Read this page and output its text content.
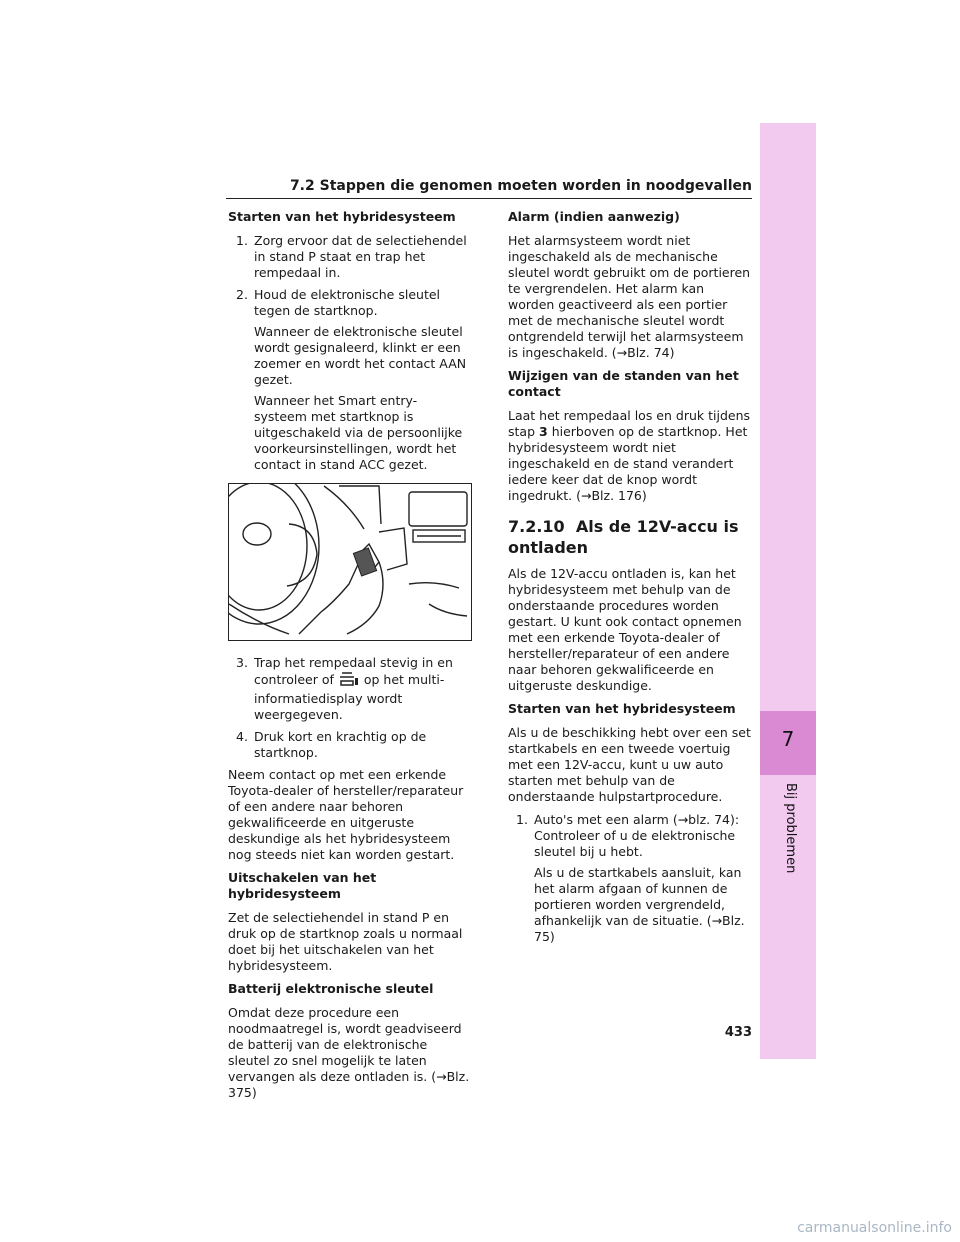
7.2 Stappen die genomen moeten worden in noodgevallen
7
Bij problemen
Starten van het hybridesysteem
1. Zorg ervoor dat de selectiehendel in stand P staat en trap het rempedaal in.

2. Houd de elektronische sleutel tegen de startknop.

Wanneer de elektronische sleutel wordt gesignaleerd, klinkt er een zoemer en wordt het contact AAN gezet.

Wanneer het Smart entry-systeem met startknop is uitgeschakeld via de persoonlijke voorkeursinstellingen, wordt het contact in stand ACC gezet.

3. Trap het rempedaal stevig in en controleer of op het multi-informatiedisplay wordt weergegeven.

4. Druk kort en krachtig op de startknop.

Neem contact op met een erkende Toyota-dealer of hersteller/reparateur of een andere naar behoren gekwalificeerde en uitgeruste deskundige als het hybridesysteem nog steeds niet kan worden gestart.

Uitschakelen van het hybridesysteem

Zet de selectiehendel in stand P en druk op de startknop zoals u normaal doet bij het uitschakelen van het hybridesysteem.

Batterij elektronische sleutel

Omdat deze procedure een noodmaatregel is, wordt geadviseerd de batterij van de elektronische sleutel zo snel mogelijk te laten vervangen als deze ontladen is. (→Blz. 375)

Alarm (indien aanwezig)

Het alarmsysteem wordt niet ingeschakeld als de mechanische sleutel wordt gebruikt om de portieren te vergrendelen. Het alarm kan worden geactiveerd als een portier met de mechanische sleutel wordt ontgrendeld terwijl het alarmsysteem is ingeschakeld. (→Blz. 74)

Wijzigen van de standen van het contact

Laat het rempedaal los en druk tijdens stap 3 hierboven op de startknop. Het hybridesysteem wordt niet ingeschakeld en de stand verandert iedere keer dat de knop wordt ingedrukt. (→Blz. 176)

7.2.10 Als de 12V-accu is ontladen

Als de 12V-accu ontladen is, kan het hybridesysteem met behulp van de onderstaande procedures worden gestart. U kunt ook contact opnemen met een erkende Toyota-dealer of hersteller/reparateur of een andere naar behoren gekwalificeerde en uitgeruste deskundige.

Starten van het hybridesysteem

Als u de beschikking hebt over een set startkabels en een tweede voertuig met een 12V-accu, kunt u uw auto starten met behulp van de onderstaande hulpstartprocedure.

1. Auto's met een alarm (→blz. 74): Controleer of u de elektronische sleutel bij u hebt.

Als u de startkabels aansluit, kan het alarm afgaan of kunnen de portieren worden vergrendeld, afhankelijk van de situatie. (→Blz. 75)

433
carmanualsonline.info
